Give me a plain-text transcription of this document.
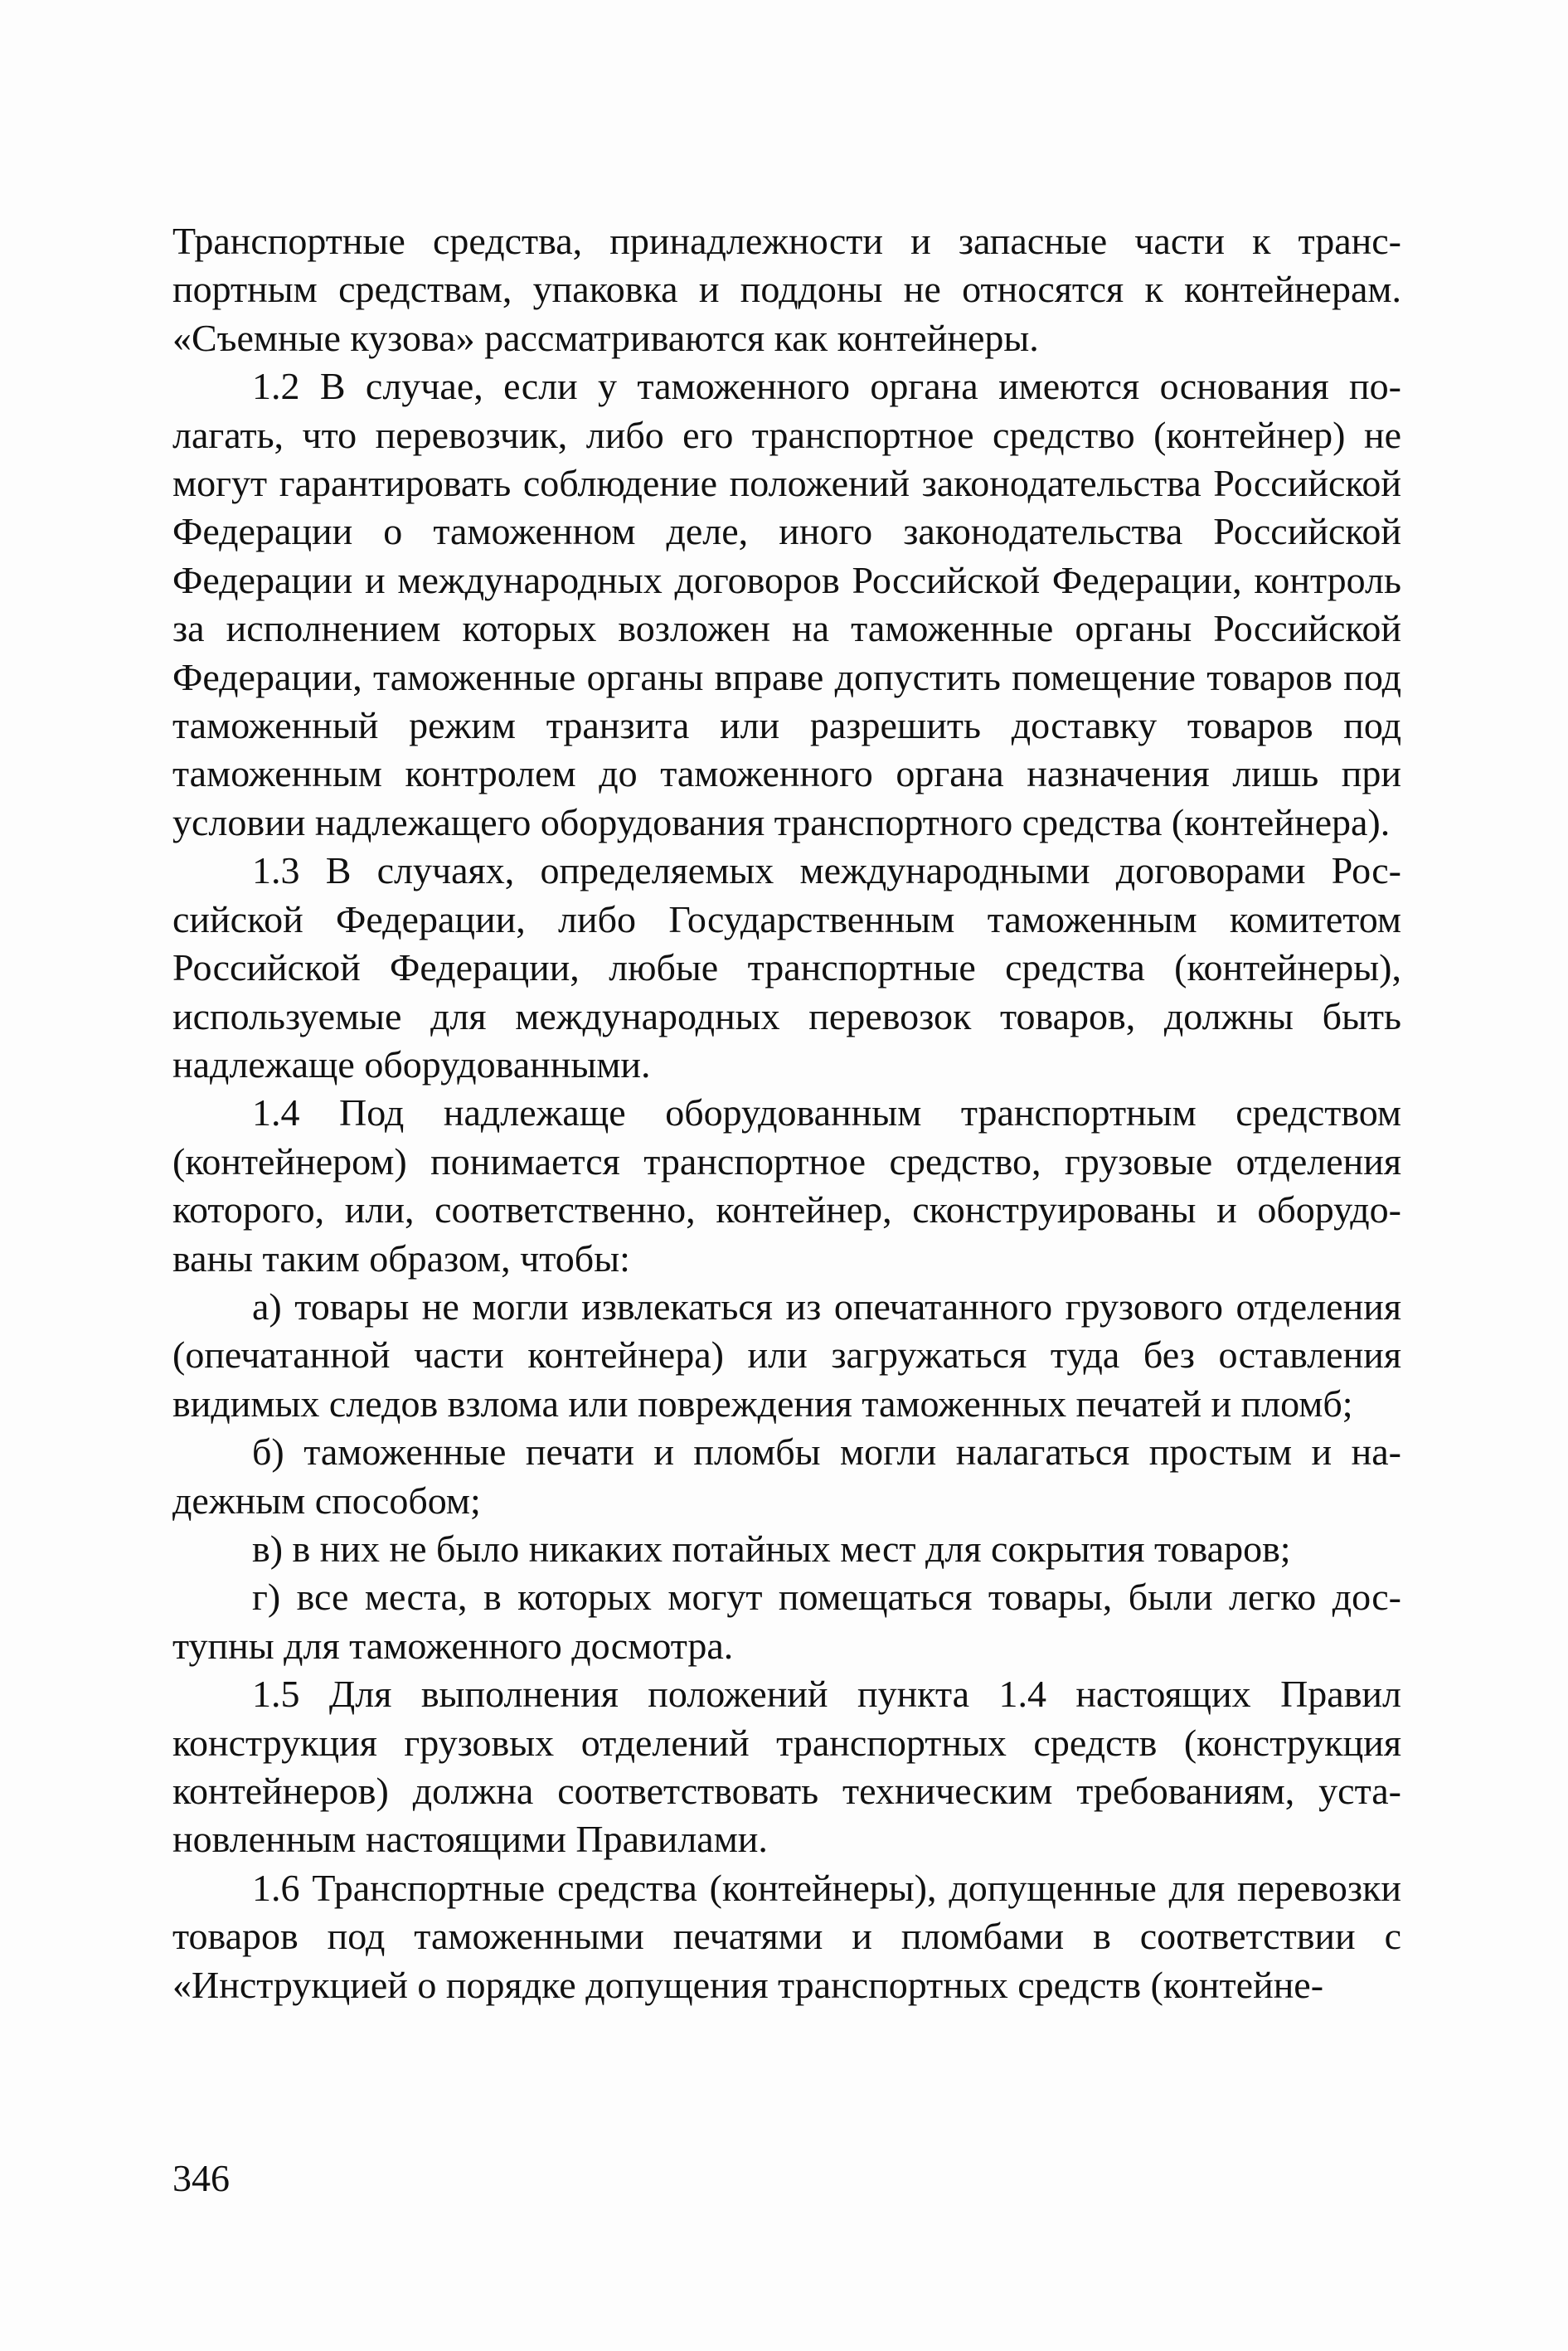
Транспортные средства, принадлежности и запасные части к транспортным средствам, упаковка и поддоны не относятся к контейнерам. «Съемные кузова» рассматриваются как контейнеры.

1.2 В случае, если у таможенного органа имеются основания полагать, что перевозчик, либо его транспортное средство (контейнер) не могут гарантировать соблюдение положений законодательства Российской Федерации о таможенном деле, иного законодательства Российской Федерации и международных договоров Российской Федерации, контроль за исполнением которых возложен на таможенные органы Российской Федерации, таможенные органы вправе допустить помещение товаров под таможенный режим транзита или разрешить доставку товаров под таможенным контролем до таможенного органа назначения лишь при условии надлежащего оборудования транспортного средства (контейнера).

1.3 В случаях, определяемых международными договорами Российской Федерации, либо Государственным таможенным комитетом Российской Федерации, любые транспортные средства (контейнеры), используемые для международных перевозок товаров, должны быть надлежаще оборудованными.

1.4 Под надлежаще оборудованным транспортным средством (контейнером) понимается транспортное средство, грузовые отделения которого, или, соответственно, контейнер, сконструированы и оборудованы таким образом, чтобы:

а) товары не могли извлекаться из опечатанного грузового отделения (опечатанной части контейнера) или загружаться туда без оставления видимых следов взлома или повреждения таможенных печатей и пломб;

б) таможенные печати и пломбы могли налагаться простым и надежным способом;

в) в них не было никаких потайных мест для сокрытия товаров;

г) все места, в которых могут помещаться товары, были легко доступны для таможенного досмотра.

1.5 Для выполнения положений пункта 1.4 настоящих Правил конструкция грузовых отделений транспортных средств (конструкция контейнеров) должна соответствовать техническим требованиям, установленным настоящими Правилами.

1.6 Транспортные средства (контейнеры), допущенные для перевозки товаров под таможенными печатями и пломбами в соответствии с «Инструкцией о порядке допущения транспортных средств (контейне-

346
